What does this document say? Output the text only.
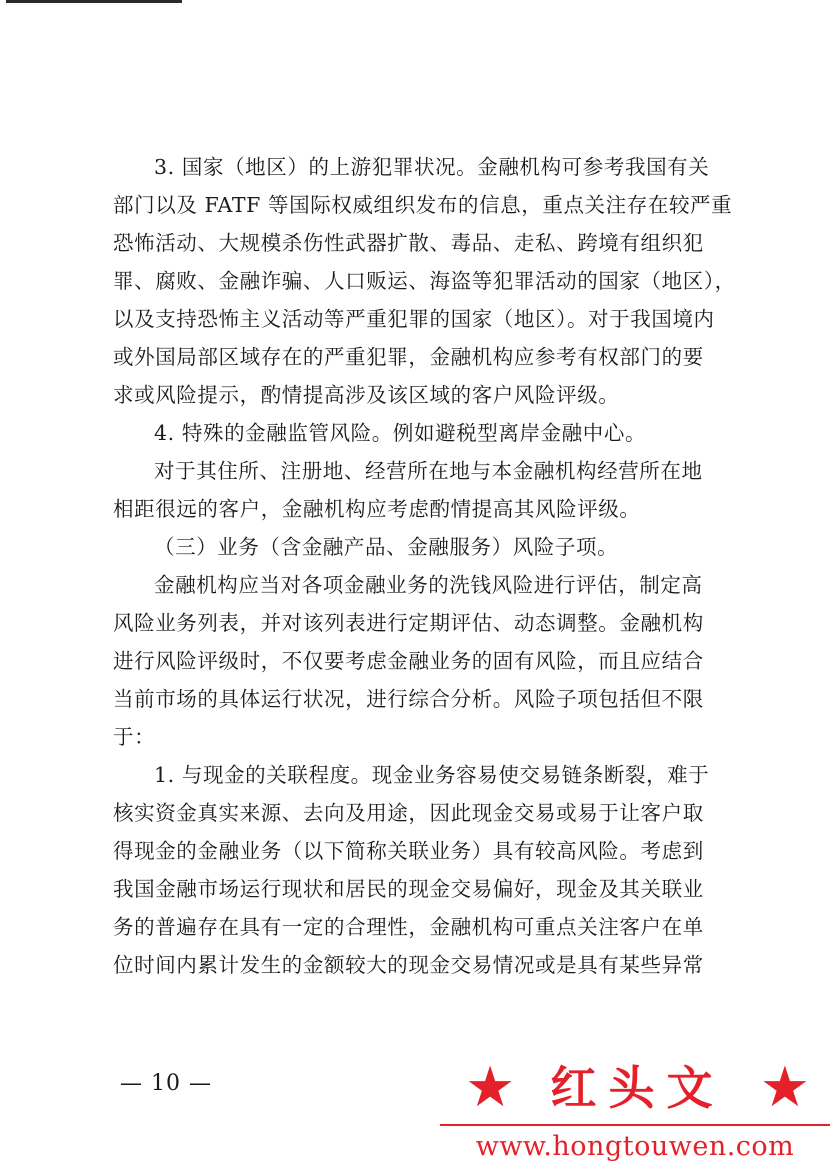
3. 国家（地区）的上游犯罪状况。金融机构可参考我国有关
部门以及 FATF 等国际权威组织发布的信息，重点关注存在较严重
恐怖活动、大规模杀伤性武器扩散、毒品、走私、跨境有组织犯
罪、腐败、金融诈骗、人口贩运、海盗等犯罪活动的国家（地区），
以及支持恐怖主义活动等严重犯罪的国家（地区）。对于我国境内
或外国局部区域存在的严重犯罪，金融机构应参考有权部门的要
求或风险提示，酌情提高涉及该区域的客户风险评级。
4. 特殊的金融监管风险。例如避税型离岸金融中心。
对于其住所、注册地、经营所在地与本金融机构经营所在地
相距很远的客户，金融机构应考虑酌情提高其风险评级。
（三）业务（含金融产品、金融服务）风险子项。
金融机构应当对各项金融业务的洗钱风险进行评估，制定高
风险业务列表，并对该列表进行定期评估、动态调整。金融机构
进行风险评级时，不仅要考虑金融业务的固有风险，而且应结合
当前市场的具体运行状况，进行综合分析。风险子项包括但不限
于：
1. 与现金的关联程度。现金业务容易使交易链条断裂，难于
核实资金真实来源、去向及用途，因此现金交易或易于让客户取
得现金的金融业务（以下简称关联业务）具有较高风险。考虑到
我国金融市场运行现状和居民的现金交易偏好，现金及其关联业
务的普遍存在具有一定的合理性，金融机构可重点关注客户在单
位时间内累计发生的金额较大的现金交易情况或是具有某些异常
— 10 —	★ 红头文 ★
www.hongtouwen.com
